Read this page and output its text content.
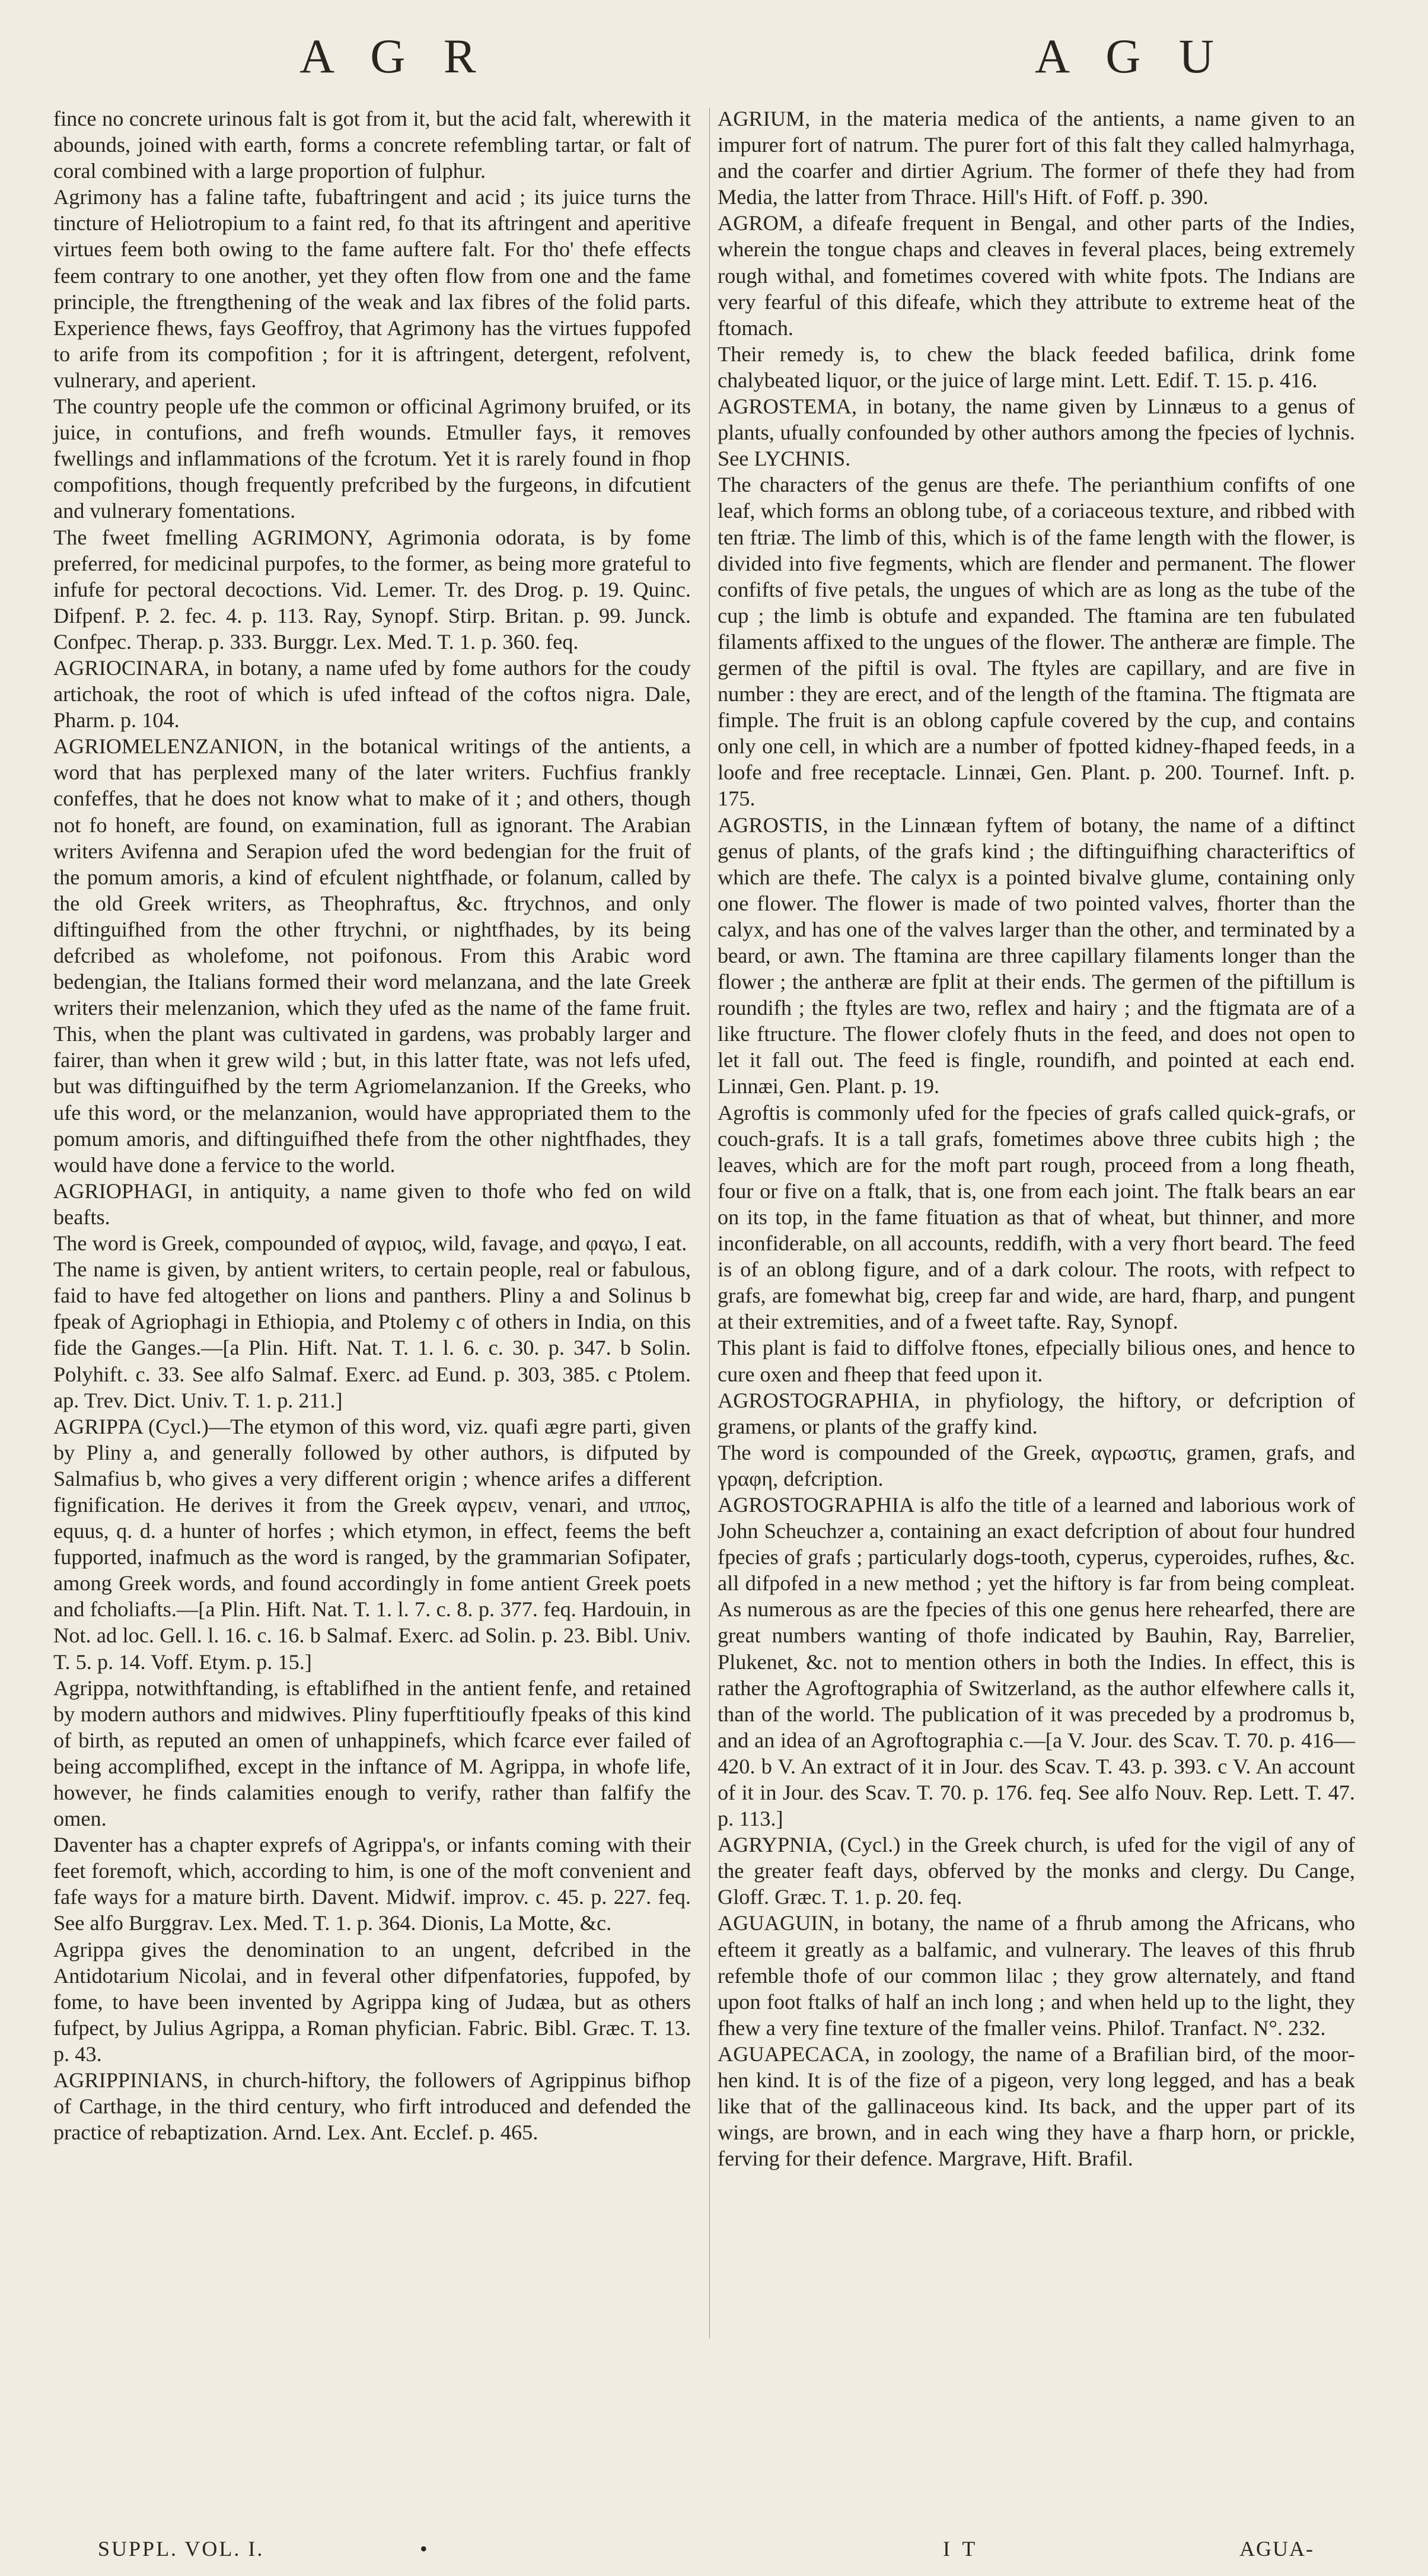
A G R	A G U

fince no concrete urinous falt is got from it, but the acid falt, wherewith it abounds, joined with earth, forms a concrete refembling tartar, or falt of coral combined with a large proportion of fulphur.

Agrimony has a faline tafte, fubaftringent and acid ; its juice turns the tincture of Heliotropium to a faint red, fo that its aftringent and aperitive virtues feem both owing to the fame aufterе falt. For tho' thefe effects feem contrary to one another, yet they often flow from one and the fame principle, the ftrengthening of the weak and lax fibres of the folid parts. Experience fhews, fays Geoffroy, that Agrimony has the virtues fuppofed to arife from its compofition ; for it is aftringent, detergent, refolvent, vulnerary, and aperient.

The country people ufe the common or officinal Agrimony bruifed, or its juice, in contufions, and frefh wounds. Etmuller fays, it removes fwellings and inflammations of the fcrotum. Yet it is rarely found in fhop compofitions, though frequently prefcribed by the furgeons, in difcutient and vulnerary fomentations.

The fweet fmelling AGRIMONY, Agrimonia odorata, is by fome preferred, for medicinal purpofes, to the former, as being more grateful to infufe for pectoral decoctions. Vid. Lemer. Tr. des Drog. p. 19. Quinc. Difpenf. P. 2. fec. 4. p. 113. Ray, Synopf. Stirp. Britan. p. 99. Junck. Confpec. Therap. p. 333. Burggr. Lex. Med. T. 1. p. 360. feq.

AGRIOCINARA, in botany, a name ufed by fome authors for the coudy artichoak, the root of which is ufed inftead of the coftos nigra. Dale, Pharm. p. 104.

AGRIOMELENZANION, in the botanical writings of the antients, a word that has perplexed many of the later writers. Fuchfius frankly confeffes, that he does not know what to make of it ; and others, though not fo honeft, are found, on examination, full as ignorant. The Arabian writers Avifenna and Serapion ufed the word bedengian for the fruit of the pomum amoris, a kind of efculent nightfhade, or folanum, called by the old Greek writers, as Theophraftus, &c. ftrychnos, and only diftinguifhed from the other ftrychni, or nightfhades, by its being defcribed as wholefome, not poifonous. From this Arabic word bedengian, the Italians formed their word melanzana, and the late Greek writers their melenzanion, which they ufed as the name of the fame fruit. This, when the plant was cultivated in gardens, was probably larger and fairer, than when it grew wild ; but, in this latter ftate, was not lefs ufed, but was diftinguifhed by the term Agriomelanzanion. If the Greeks, who ufe this word, or the melanzanion, would have appropriated them to the pomum amoris, and diftinguifhed thefe from the other nightfhades, they would have done a fervice to the world.

AGRIOPHAGI, in antiquity, a name given to thofe who fed on wild beafts.

The word is Greek, compounded of αγριος, wild, favage, and φαγω, I eat.

The name is given, by antient writers, to certain people, real or fabulous, faid to have fed altogether on lions and panthers. Pliny a and Solinus b fpeak of Agriophagi in Ethiopia, and Ptolemy c of others in India, on this fide the Ganges.—[a Plin. Hift. Nat. T. 1. l. 6. c. 30. p. 347. b Solin. Polyhift. c. 33. See alfo Salmaf. Exerc. ad Eund. p. 303, 385. c Ptolem. ap. Trev. Dict. Univ. T. 1. p. 211.]

AGRIPPA (Cycl.)—The etymon of this word, viz. quafi ægre parti, given by Pliny a, and generally followed by other authors, is difputed by Salmafius b, who gives a very different origin ; whence arifes a different fignification. He derives it from the Greek αγρειν, venari, and ιππος, equus, q. d. a hunter of horfes ; which etymon, in effect, feems the beft fupported, inafmuch as the word is ranged, by the grammarian Sofipater, among Greek words, and found accordingly in fome antient Greek poets and fcholiafts.—[a Plin. Hift. Nat. T. 1. l. 7. c. 8. p. 377. feq. Hardouin, in Not. ad loc. Gell. l. 16. c. 16. b Salmaf. Exerc. ad Solin. p. 23. Bibl. Univ. T. 5. p. 14. Voff. Etym. p. 15.]

Agrippa, notwithftanding, is eftablifhed in the antient fenfe, and retained by modern authors and midwives. Pliny fuperftitioufly fpeaks of this kind of birth, as reputed an omen of unhappinefs, which fcarce ever failed of being accomplifhed, except in the inftance of M. Agrippa, in whofe life, however, he finds calamities enough to verify, rather than falfify the omen.

Daventer has a chapter exprefs of Agrippa's, or infants coming with their feet foremoft, which, according to him, is one of the moft convenient and fafe ways for a mature birth. Davent. Midwif. improv. c. 45. p. 227. feq. See alfo Burggrav. Lex. Med. T. 1. p. 364. Dionis, La Motte, &c.

Agrippa gives the denomination to an ungent, defcribed in the Antidotarium Nicolai, and in feveral other difpenfatories, fuppofed, by fome, to have been invented by Agrippa king of Judæa, but as others fufpect, by Julius Agrippa, a Roman phyfician. Fabric. Bibl. Græc. T. 13. p. 43.

AGRIPPINIANS, in church-hiftory, the followers of Agrippinus bifhop of Carthage, in the third century, who firft introduced and defended the practice of rebaptization. Arnd. Lex. Ant. Ecclef. p. 465.

AGRIUM, in the materia medica of the antients, a name given to an impurer fort of natrum. The purer fort of this falt they called halmyrhaga, and the coarfer and dirtier Agrium. The former of thefe they had from Media, the latter from Thrace. Hill's Hift. of Foff. p. 390.

AGROM, a difeafe frequent in Bengal, and other parts of the Indies, wherein the tongue chaps and cleaves in feveral places, being extremely rough withal, and fometimes covered with white fpots. The Indians are very fearful of this difeafe, which they attribute to extreme heat of the ftomach.

Their remedy is, to chew the black feeded bafilica, drink fome chalybeated liquor, or the juice of large mint. Lett. Edif. T. 15. p. 416.

AGROSTEMA, in botany, the name given by Linnæus to a genus of plants, ufually confounded by other authors among the fpecies of lychnis. See LYCHNIS.

The characters of the genus are thefe. The perianthium confifts of one leaf, which forms an oblong tube, of a coriaceous texture, and ribbed with ten ftriæ. The limb of this, which is of the fame length with the flower, is divided into five fegments, which are flender and permanent. The flower confifts of five petals, the ungues of which are as long as the tube of the cup ; the limb is obtufe and expanded. The ftamina are ten fubulated filaments affixed to the ungues of the flower. The antheræ are fimple. The germen of the piftil is oval. The ftyles are capillary, and are five in number : they are erect, and of the length of the ftamina. The ftigmata are fimple. The fruit is an oblong capfule covered by the cup, and contains only one cell, in which are a number of fpotted kidney-fhaped feeds, in a loofe and free receptacle. Linnæi, Gen. Plant. p. 200. Tournef. Inft. p. 175.

AGROSTIS, in the Linnæan fyftem of botany, the name of a diftinct genus of plants, of the grafs kind ; the diftinguifhing characteriftics of which are thefe. The calyx is a pointed bivalve glume, containing only one flower. The flower is made of two pointed valves, fhorter than the calyx, and has one of the valves larger than the other, and terminated by a beard, or awn. The ftamina are three capillary filaments longer than the flower ; the antheræ are fplit at their ends. The germen of the piftillum is roundifh ; the ftyles are two, reflex and hairy ; and the ftigmata are of a like ftructure. The flower clofely fhuts in the feed, and does not open to let it fall out. The feed is fingle, roundifh, and pointed at each end. Linnæi, Gen. Plant. p. 19.

Agroftis is commonly ufed for the fpecies of grafs called quick-grafs, or couch-grafs. It is a tall grafs, fometimes above three cubits high ; the leaves, which are for the moft part rough, proceed from a long fheath, four or five on a ftalk, that is, one from each joint. The ftalk bears an ear on its top, in the fame fituation as that of wheat, but thinner, and more inconfiderable, on all accounts, reddifh, with a very fhort beard. The feed is of an oblong figure, and of a dark colour. The roots, with refpect to grafs, are fomewhat big, creep far and wide, are hard, fharp, and pungent at their extremities, and of a fweet tafte. Ray, Synopf.

This plant is faid to diffolve ftones, efpecially bilious ones, and hence to cure oxen and fheep that feed upon it.

AGROSTOGRAPHIA, in phyfiology, the hiftory, or defcription of gramens, or plants of the graffy kind.

The word is compounded of the Greek, αγρωστις, gramen, grafs, and γραφη, defcription.

AGROSTOGRAPHIA is alfo the title of a learned and laborious work of John Scheuchzer a, containing an exact defcription of about four hundred fpecies of grafs ; particularly dogs-tooth, cyperus, cyperoides, rufhes, &c. all difpofed in a new method ; yet the hiftory is far from being compleat. As numerous as are the fpecies of this one genus here rehearfed, there are great numbers wanting of thofe indicated by Bauhin, Ray, Barrelier, Plukenet, &c. not to mention others in both the Indies. In effect, this is rather the Agroftographia of Switzerland, as the author elfewhere calls it, than of the world. The publication of it was preceded by a prodromus b, and an idea of an Agroftographia c.—[a V. Jour. des Scav. T. 70. p. 416—420. b V. An extract of it in Jour. des Scav. T. 43. p. 393. c V. An account of it in Jour. des Scav. T. 70. p. 176. feq. See alfo Nouv. Rep. Lett. T. 47. p. 113.]

AGRYPNIA, (Cycl.) in the Greek church, is ufed for the vigil of any of the greater feaft days, obferved by the monks and clergy. Du Cange, Gloff. Græc. T. 1. p. 20. feq.

AGUAGUIN, in botany, the name of a fhrub among the Africans, who efteem it greatly as a balfamic, and vulnerary. The leaves of this fhrub refemble thofe of our common lilac ; they grow alternately, and ftand upon foot ftalks of half an inch long ; and when held up to the light, they fhew a very fine texture of the fmaller veins. Philof. Tranfact. N°. 232.

AGUAPECACA, in zoology, the name of a Brafilian bird, of the moor-hen kind. It is of the fize of a pigeon, very long legged, and has a beak like that of the gallinaceous kind. Its back, and the upper part of its wings, are brown, and in each wing they have a fharp horn, or prickle, ferving for their defence. Margrave, Hift. Brafil.

SUPPL. VOL. I.	•	I T	AGUA-
